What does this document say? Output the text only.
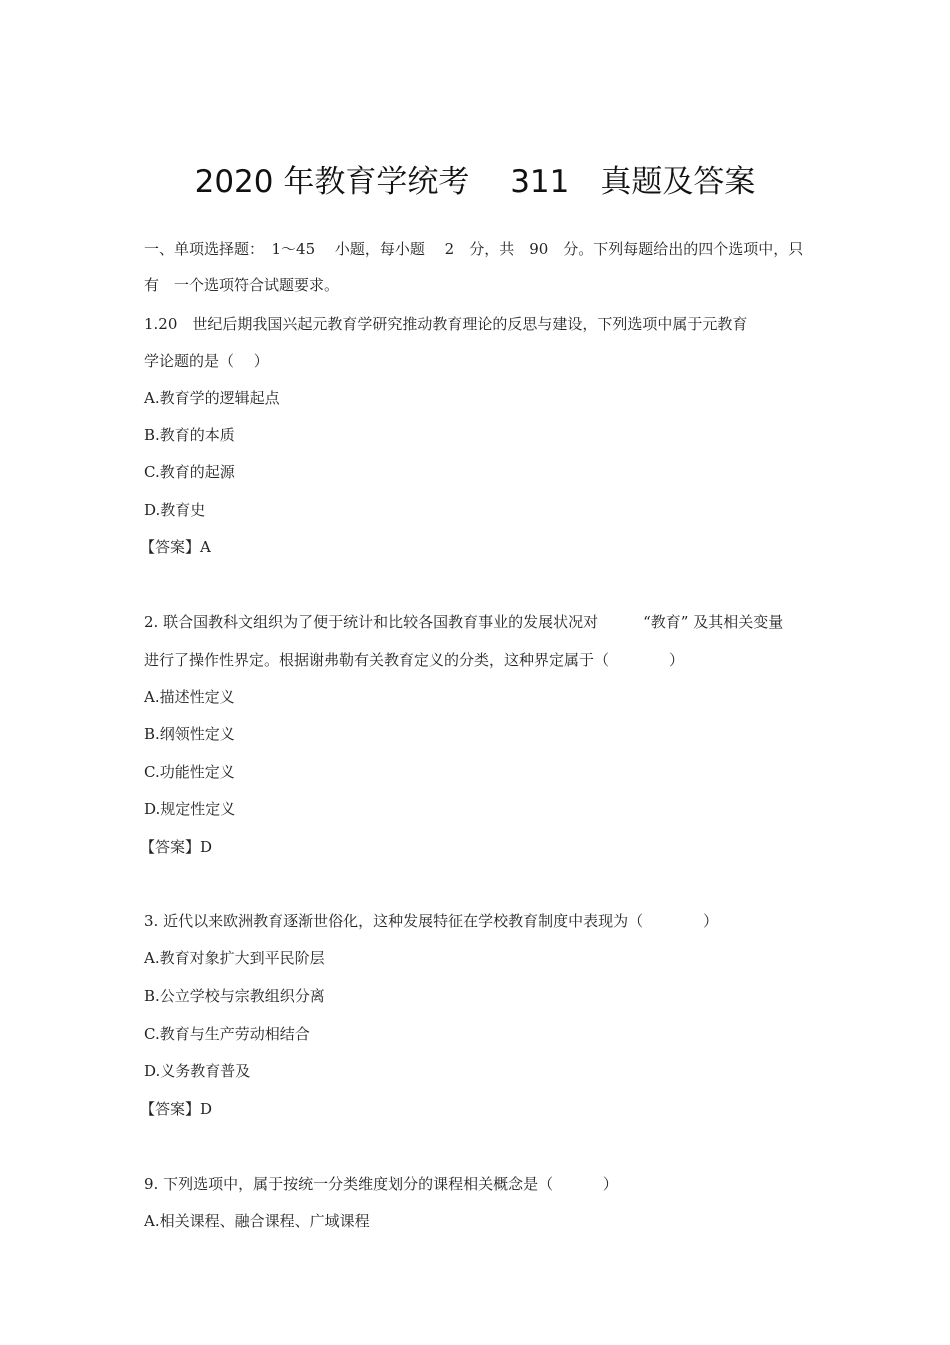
2020 年教育学统考　 311　真题及答案
一、单项选择题：　1～45　 小题，每小题　 2　分，共　90　分。下列每题给出的四个选项中，只
有　一个选项符合试题要求。
1.20　世纪后期我国兴起元教育学研究推动教育理论的反思与建设，下列选项中属于元教育
学论题的是（　 ）
A.教育学的逻辑起点
B.教育的本质
C.教育的起源
D.教育史
【答案】A
2. 联合国教科文组织为了便于统计和比较各国教育事业的发展状况对　　　“教育” 及其相关变量
进行了操作性界定。根据谢弗勒有关教育定义的分类，这种界定属于（　　　　）
A.描述性定义
B.纲领性定义
C.功能性定义
D.规定性定义
【答案】D
3. 近代以来欧洲教育逐渐世俗化，这种发展特征在学校教育制度中表现为（　　　　）
A.教育对象扩大到平民阶层
B.公立学校与宗教组织分离
C.教育与生产劳动相结合
D.义务教育普及
【答案】D
9. 下列选项中，属于按统一分类维度划分的课程相关概念是（　　　 ）
A.相关课程、融合课程、广域课程
